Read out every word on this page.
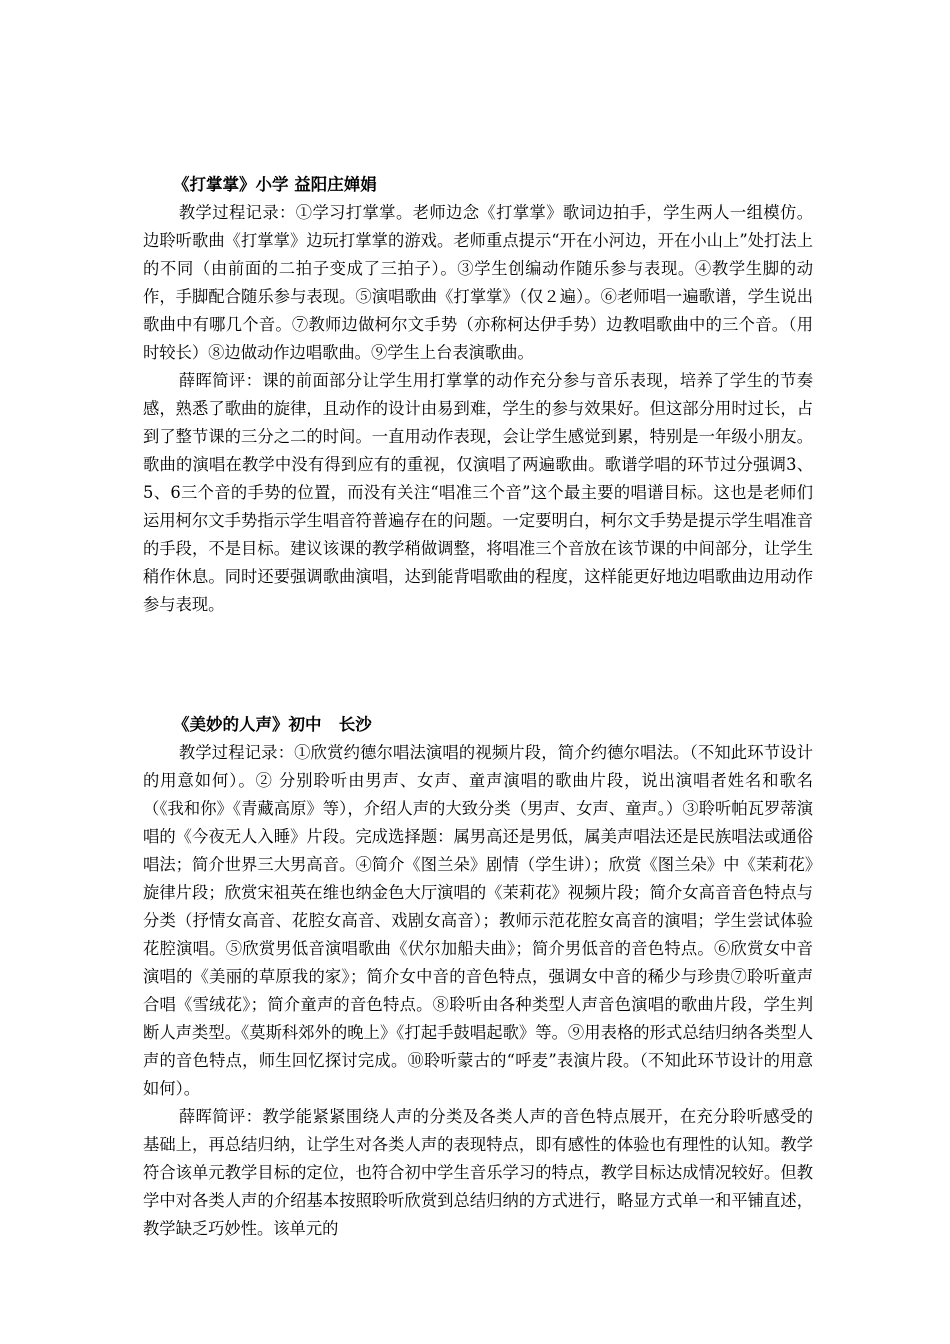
《打掌掌》小学 益阳庄婵娟

教学过程记录：①学习打掌掌。老师边念《打掌掌》歌词边拍手，学生两人一组模仿。边聆听歌曲《打掌掌》边玩打掌掌的游戏。老师重点提示“开在小河边，开在小山上”处打法上的不同（由前面的二拍子变成了三拍子）。③学生创编动作随乐参与表现。④教学生脚的动作，手脚配合随乐参与表现。⑤演唱歌曲《打掌掌》（仅２遍）。⑥老师唱一遍歌谱，学生说出歌曲中有哪几个音。⑦教师边做柯尔文手势（亦称柯达伊手势）边教唱歌曲中的三个音。（用时较长）⑧边做动作边唱歌曲。⑨学生上台表演歌曲。

薛晖简评：课的前面部分让学生用打掌掌的动作充分参与音乐表现，培养了学生的节奏感，熟悉了歌曲的旋律，且动作的设计由易到难，学生的参与效果好。但这部分用时过长，占到了整节课的三分之二的时间。一直用动作表现，会让学生感觉到累，特别是一年级小朋友。歌曲的演唱在教学中没有得到应有的重视，仅演唱了两遍歌曲。歌谱学唱的环节过分强调3、5、6三个音的手势的位置，而没有关注“唱准三个音”这个最主要的唱谱目标。这也是老师们运用柯尔文手势指示学生唱音符普遍存在的问题。一定要明白，柯尔文手势是提示学生唱准音的手段，不是目标。建议该课的教学稍做调整，将唱准三个音放在该节课的中间部分，让学生稍作休息。同时还要强调歌曲演唱，达到能背唱歌曲的程度，这样能更好地边唱歌曲边用动作参与表现。

《美妙的人声》初中   长沙

教学过程记录：①欣赏约德尔唱法演唱的视频片段，简介约德尔唱法。（不知此环节设计的用意如何）。② 分别聆听由男声、女声、童声演唱的歌曲片段，说出演唱者姓名和歌名（《我和你》《青藏高原》等），介绍人声的大致分类（男声、女声、童声。）③聆听帕瓦罗蒂演唱的《今夜无人入睡》片段。完成选择题：属男高还是男低，属美声唱法还是民族唱法或通俗唱法；简介世界三大男高音。④简介《图兰朵》剧情（学生讲）；欣赏《图兰朵》中《茉莉花》旋律片段；欣赏宋祖英在维也纳金色大厅演唱的《茉莉花》视频片段；简介女高音音色特点与分类（抒情女高音、花腔女高音、戏剧女高音）；教师示范花腔女高音的演唱；学生尝试体验花腔演唱。⑤欣赏男低音演唱歌曲《伏尔加船夫曲》；简介男低音的音色特点。⑥欣赏女中音演唱的《美丽的草原我的家》；简介女中音的音色特点，强调女中音的稀少与珍贵⑦聆听童声合唱《雪绒花》；简介童声的音色特点。⑧聆听由各种类型人声音色演唱的歌曲片段，学生判断人声类型。《莫斯科郊外的晚上》《打起手鼓唱起歌》等。⑨用表格的形式总结归纳各类型人声的音色特点，师生回忆探讨完成。⑩聆听蒙古的“呼麦”表演片段。（不知此环节设计的用意如何）。

薛晖简评：教学能紧紧围绕人声的分类及各类人声的音色特点展开，在充分聆听感受的基础上，再总结归纳，让学生对各类人声的表现特点，即有感性的体验也有理性的认知。教学符合该单元教学目标的定位，也符合初中学生音乐学习的特点，教学目标达成情况较好。但教学中对各类人声的介绍基本按照聆听欣赏到总结归纳的方式进行，略显方式单一和平铺直述，教学缺乏巧妙性。该单元的
